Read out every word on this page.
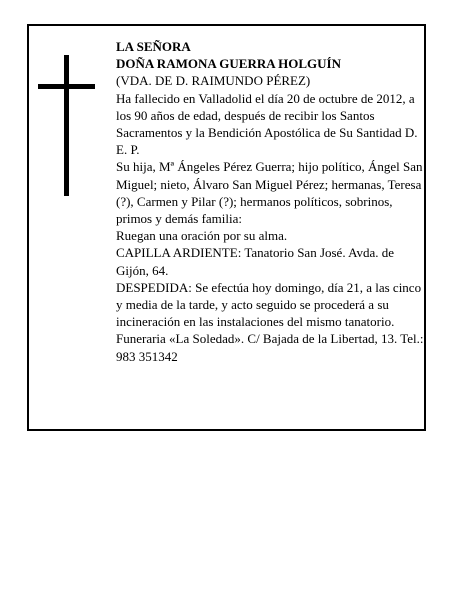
LA SEÑORA

DOÑA RAMONA GUERRA HOLGUÍN

(VDA. DE D. RAIMUNDO PÉREZ)

Ha fallecido en Valladolid el día 20 de octubre de 2012, a los 90 años de edad, después de recibir los Santos Sacramentos y la Bendición Apostólica de Su Santidad D. E. P.

Su hija, Mª Ángeles Pérez Guerra; hijo político, Ángel San Miguel; nieto, Álvaro San Miguel Pérez; hermanas, Teresa (?), Carmen y Pilar (?); hermanos políticos, sobrinos, primos y demás familia:

Ruegan una oración por su alma.

CAPILLA ARDIENTE: Tanatorio San José. Avda. de Gijón, 64.

DESPEDIDA: Se efectúa hoy domingo, día 21, a las cinco y media de la tarde, y acto seguido se procederá a su incineración en las instalaciones del mismo tanatorio.

Funeraria «La Soledad». C/ Bajada de la Libertad, 13. Tel.: 983 351342
